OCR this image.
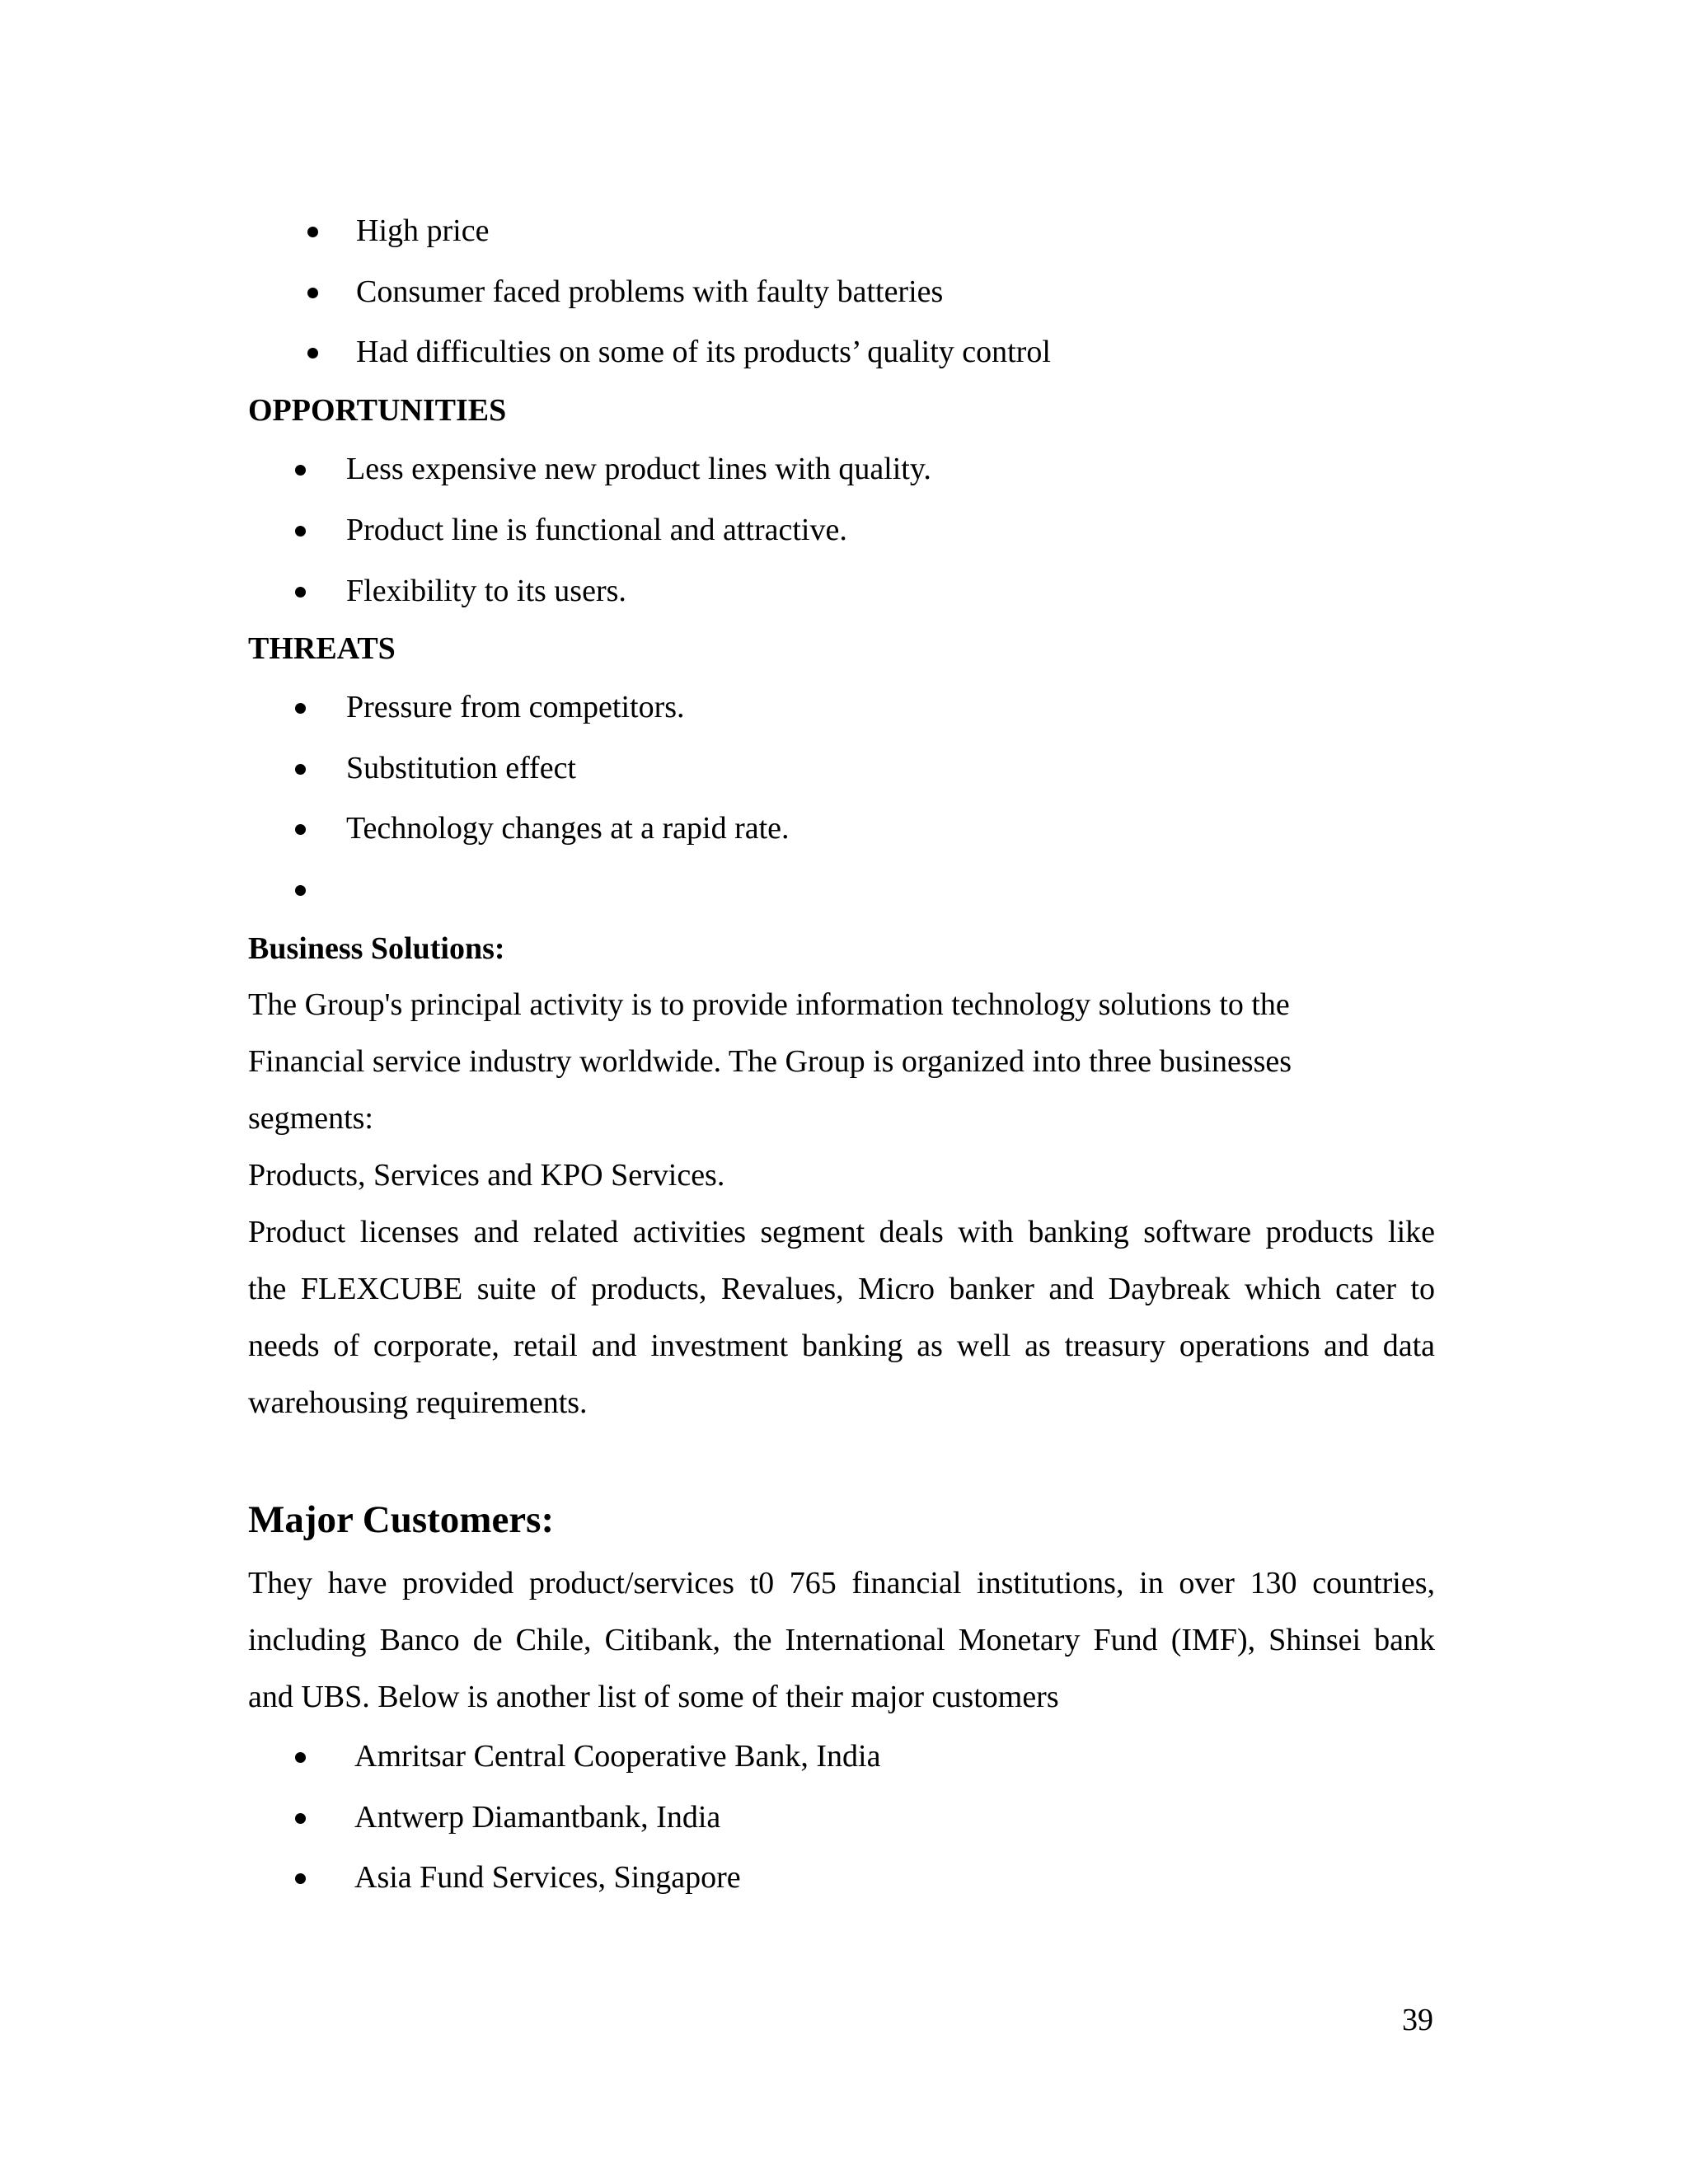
High price
Consumer faced problems with faulty batteries
Had difficulties on some of its products’ quality control
OPPORTUNITIES
Less expensive new product lines with quality.
Product line is functional and attractive.
Flexibility to its users.
THREATS
Pressure from competitors.
Substitution effect
Technology changes at a rapid rate.
Business Solutions:
The Group's principal activity is to provide information technology solutions to the
Financial service industry worldwide. The Group is organized into three businesses
segments:
Products, Services and KPO Services.
Product licenses and related activities segment deals with banking software products like
the FLEXCUBE suite of products, Revalues, Micro banker and Daybreak which cater to
needs of corporate, retail and investment banking as well as treasury operations and data
warehousing requirements.
Major Customers:
They have provided product/services t0 765 financial institutions, in over 130 countries,
including Banco de Chile, Citibank, the International Monetary Fund (IMF), Shinsei bank
and UBS. Below is another list of some of their major customers
Amritsar Central Cooperative Bank, India
Antwerp Diamantbank, India
Asia Fund Services, Singapore
39
